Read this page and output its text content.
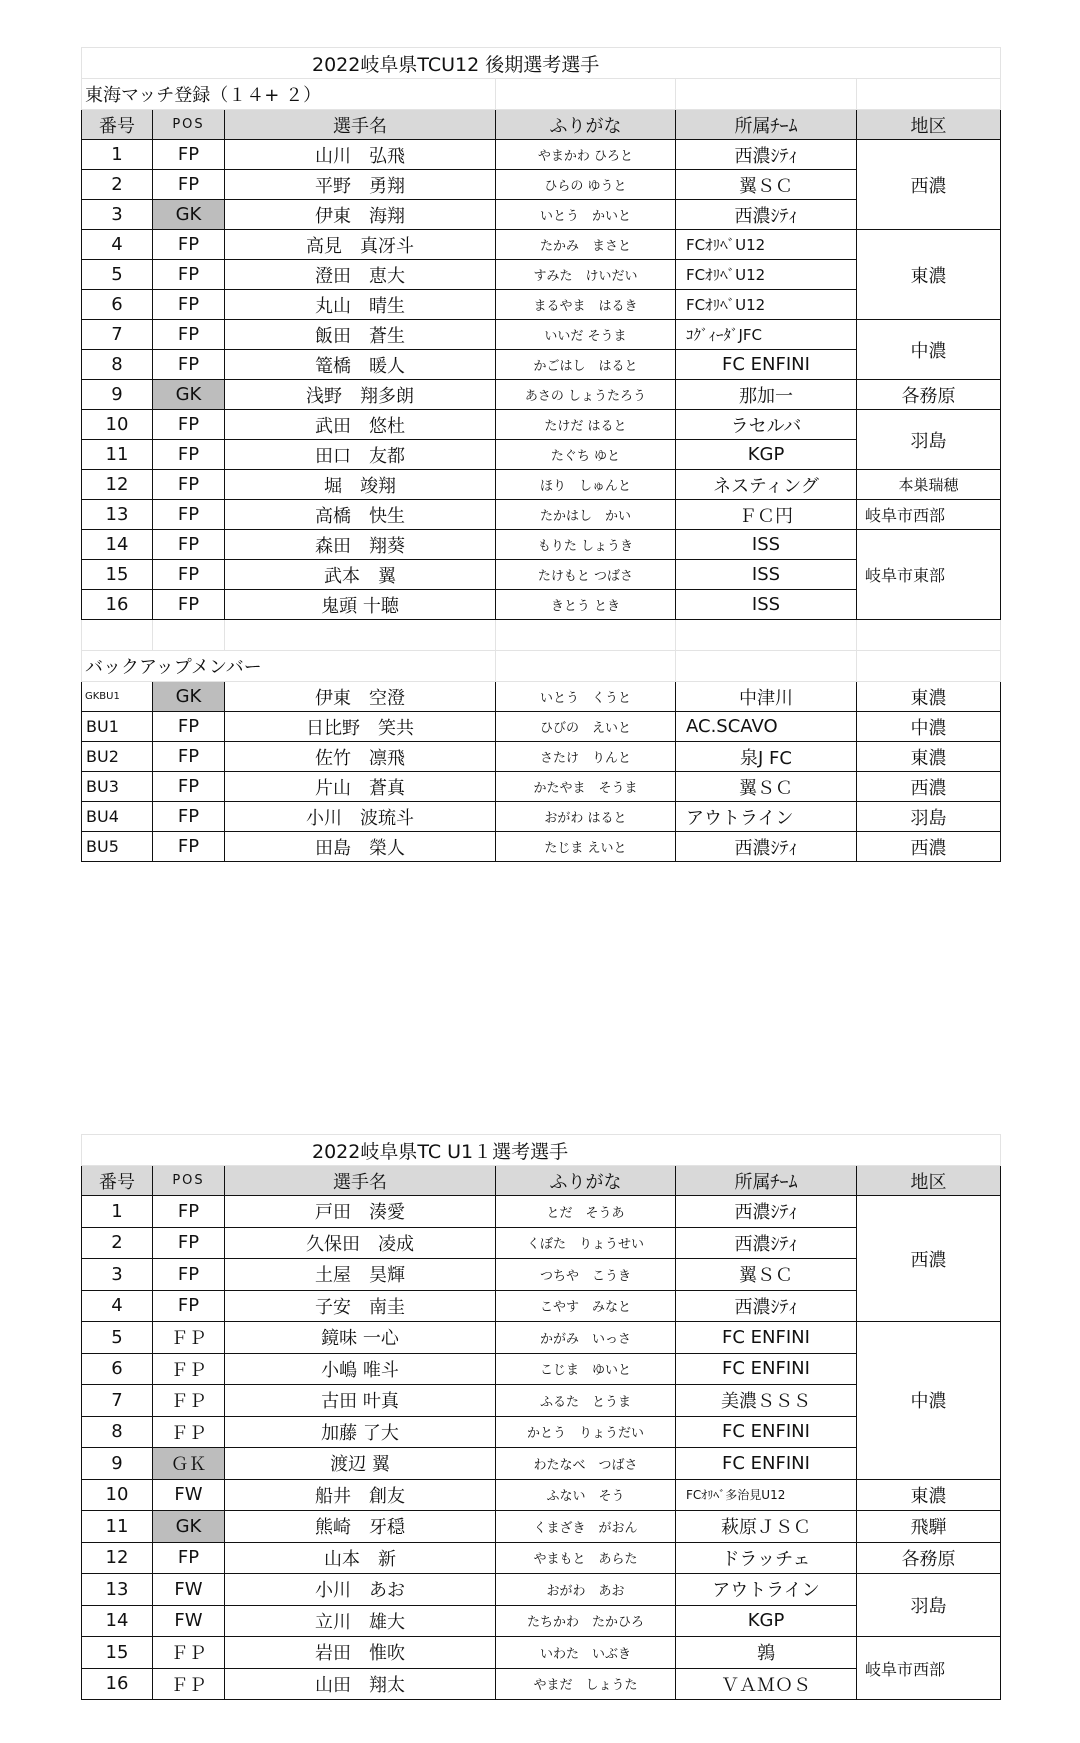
2022岐阜県TCU12 後期選考選手					
東海マッチ登録（１４+ ２）					
番号	POS	選手名	ふりがな	所属ﾁｰﾑ	地区
1	FP	山川　弘飛	やまかわ ひろと	西濃ｼﾃｨ	西濃
2	FP	平野　勇翔	ひらの ゆうと	翼ＳＣ	
3	GK	伊東　海翔	いとう　かいと	西濃ｼﾃｨ	
4	FP	高見　真冴斗	たかみ　まさと	FCｵﾘﾍﾞU12	東濃
5	FP	澄田　恵大	すみた　けいだい	FCｵﾘﾍﾞU12	
6	FP	丸山　晴生	まるやま　はるき	FCｵﾘﾍﾞU12	
7	FP	飯田　蒼生	いいだ そうま	ｺｸﾞｨｰﾀﾞJFC	中濃
8	FP	篭橋　暖人	かごはし　はると	FC ENFINI	
9	GK	浅野　翔多朗	あさの しょうたろう	那加一	各務原
10	FP	武田　悠杜	たけだ はると	ラセルバ	羽島
11	FP	田口　友都	たぐち ゆと	KGP	
12	FP	堀　竣翔	ほり　しゅんと	ネスティング	本巣瑞穂
13	FP	高橋　快生	たかはし　かい	ＦＣ円	岐阜市西部
14	FP	森田　翔葵	もりた しょうき	ISS	岐阜市東部
15	FP	武本　翼	たけもと つばさ	ISS	
16	FP	鬼頭 十聴	きとう とき	ISS	

バックアップメンバー					
GKBU1	GK	伊東　空澄	いとう　くうと	中津川	東濃
BU1	FP	日比野　笑共	ひびの　えいと	AC.SCAVO	中濃
BU2	FP	佐竹　凛飛	さたけ　りんと	泉J FC	東濃
BU3	FP	片山　蒼真	かたやま　そうま	翼ＳＣ	西濃
BU4	FP	小川　波琉斗	おがわ はると	アウトライン	羽島
BU5	FP	田島　榮人	たじま えいと	西濃ｼﾃｨ	西濃
2022岐阜県TC U1１選考選手					
番号	POS	選手名	ふりがな	所属ﾁｰﾑ	地区
1	FP	戸田　湊愛	とだ　そうあ	西濃ｼﾃｨ	西濃
2	FP	久保田　凌成	くぼた　りょうせい	西濃ｼﾃｨ	
3	FP	土屋　昊輝	つちや　こうき	翼ＳＣ	
4	FP	子安　南圭	こやす　みなと	西濃ｼﾃｨ	
5	ＦＰ	鏡味 一心	かがみ　いっさ	FC ENFINI	中濃
6	ＦＰ	小嶋 唯斗	こじま　ゆいと	FC ENFINI	
7	ＦＰ	古田 叶真	ふるた　とうま	美濃ＳＳＳ	
8	ＦＰ	加藤 了大	かとう　りょうだい	FC ENFINI	
9	ＧＫ	渡辺 翼	わたなべ　つばさ	FC ENFINI	
10	FW	船井　創友	ふない　そう	FCｵﾘﾍﾞ多治見U12	東濃
11	GK	熊崎　牙穏	くまざき　がおん	萩原ＪＳＣ	飛騨
12	FP	山本　新	やまもと　あらた	ドラッチェ	各務原
13	FW	小川　あお	おがわ　あお	アウトライン	羽島
14	FW	立川　雄大	たちかわ　たかひろ	KGP	
15	ＦＰ	岩田　惟吹	いわた　いぶき	鶉	岐阜市西部
16	ＦＰ	山田　翔太	やまだ　しょうた	ＶＡＭＯＳ	
